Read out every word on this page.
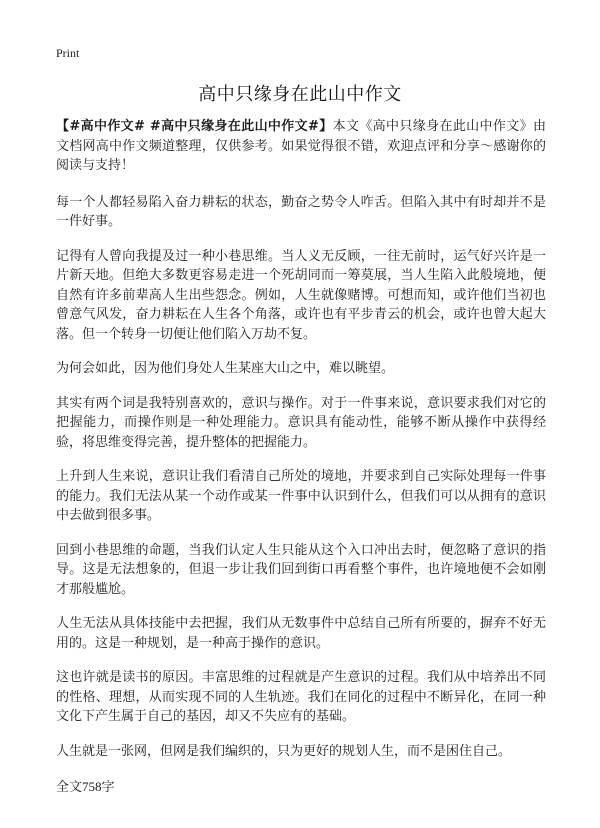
Print
高中只缘身在此山中作文

【#高中作文# #高中只缘身在此山中作文#】本文《高中只缘身在此山中作文》由文档网高中作文频道整理，仅供参考。如果觉得很不错，欢迎点评和分享～感谢你的阅读与支持！

每一个人都轻易陷入奋力耕耘的状态，勤奋之势令人咋舌。但陷入其中有时却并不是一件好事。

记得有人曾向我提及过一种小巷思维。当人义无反顾，一往无前时，运气好兴许是一片新天地。但绝大多数更容易走进一个死胡同而一筹莫展，当人生陷入此般境地，便自然有许多前辈高人生出些怨念。例如，人生就像赌博。可想而知，或许他们当初也曾意气风发，奋力耕耘在人生各个角落，或许也有平步青云的机会，或许也曾大起大落。但一个转身一切便让他们陷入万劫不复。

为何会如此，因为他们身处人生某座大山之中，难以眺望。

其实有两个词是我特别喜欢的，意识与操作。对于一件事来说，意识要求我们对它的把握能力，而操作则是一种处理能力。意识具有能动性，能够不断从操作中获得经验，将思维变得完善，提升整体的把握能力。

上升到人生来说，意识让我们看清自己所处的境地，并要求到自己实际处理每一件事的能力。我们无法从某一个动作或某一件事中认识到什么，但我们可以从拥有的意识中去做到很多事。

回到小巷思维的命题，当我们认定人生只能从这个入口冲出去时，便忽略了意识的指导。这是无法想象的，但退一步让我们回到街口再看整个事件，也许境地便不会如刚才那般尴尬。

人生无法从具体技能中去把握，我们从无数事件中总结自己所有所要的，摒弃不好无用的。这是一种规划，是一种高于操作的意识。

这也许就是读书的原因。丰富思维的过程就是产生意识的过程。我们从中培养出不同的性格、理想，从而实现不同的人生轨迹。我们在同化的过程中不断异化，在同一种文化下产生属于自己的基因，却又不失应有的基础。

人生就是一张网，但网是我们编织的，只为更好的规划人生，而不是困住自己。

全文758字
